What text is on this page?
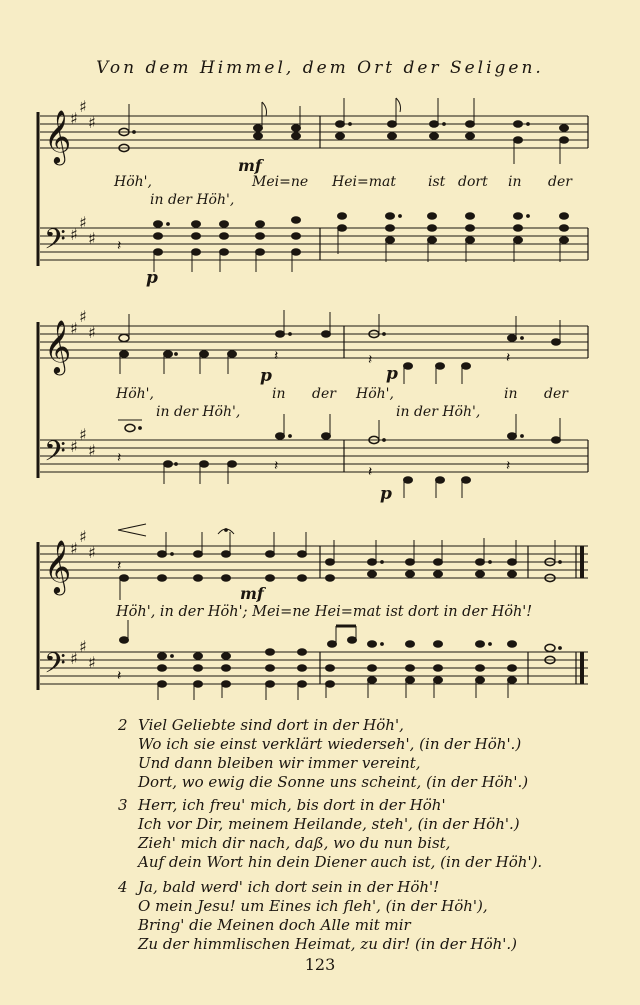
Von dem Himmel, dem Ort der Seligen.
𝄞
𝄢
♯
♯
♯
♯
♯
♯ 𝄽
𝄞
𝄢
♯
♯
♯
♯
♯
♯
𝄽	𝄽	𝄽
𝄽	𝄽	𝄽	𝄽
𝄞
𝄢
♯
♯
♯
♯
♯
♯
𝄽
𝄽
mf
p
Höh',	Mei=ne Hei=mat ist dort in der
in der Höh',
p	p
p
Höh',	in der Höh',	in der
in der Höh',	in der Höh',
mf
Höh', in der Höh'; Mei=ne Hei=mat ist dort in der Höh'!
2 Viel Geliebte sind dort in der Höh',
Wo ich sie einst verklärt wiederseh', (in der Höh'.)
Und dann bleiben wir immer vereint,
Dort, wo ewig die Sonne uns scheint, (in der Höh'.)
3 Herr, ich freu' mich, bis dort in der Höh'
Ich vor Dir, meinem Heilande, steh', (in der Höh'.)
Zieh' mich dir nach, daß, wo du nun bist,
Auf dein Wort hin dein Diener auch ist, (in der Höh').
4 Ja, bald werd' ich dort sein in der Höh'!
O mein Jesu! um Eines ich fleh', (in der Höh'),
Bring' die Meinen doch Alle mit mir
Zu der himmlischen Heimat, zu dir! (in der Höh'.)
123
